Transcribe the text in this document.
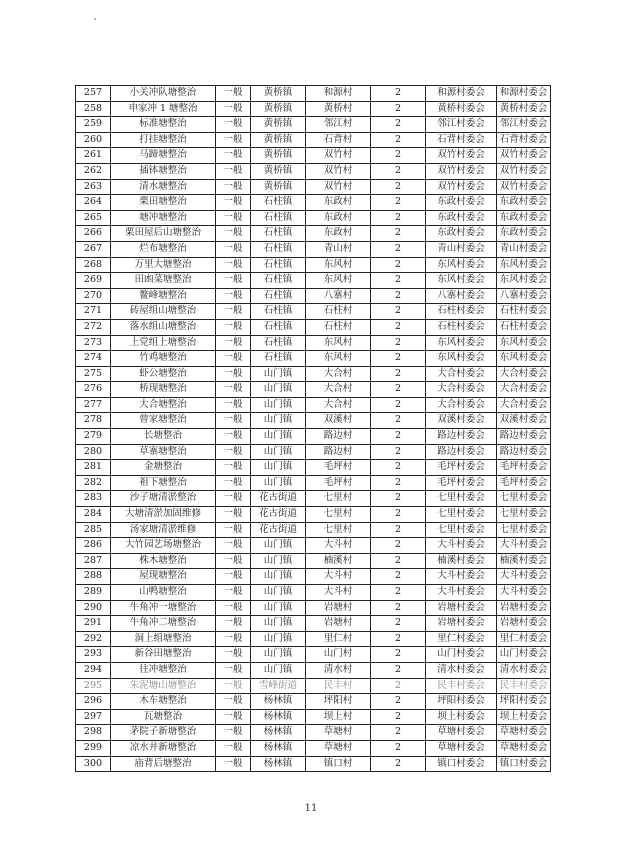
257	小关冲队塘整治	一般	黄桥镇	和源村	2	和源村委会	和源村委会
258	申家冲 1 塘整治	一般	黄桥镇	黄桥村	2	黄桥村委会	黄桥村委会
259	标准塘整治	一般	黄桥镇	邻江村	2	邻江村委会	邻江村委会
260	打挂塘整治	一般	黄桥镇	石背村	2	石背村委会	石背村委会
261	马蹄塘整治	一般	黄桥镇	双竹村	2	双竹村委会	双竹村委会
262	插钵塘整治	一般	黄桥镇	双竹村	2	双竹村委会	双竹村委会
263	清水塘整治	一般	黄桥镇	双竹村	2	双竹村委会	双竹村委会
264	栗田塘整治	一般	石柱镇	东政村	2	东政村委会	东政村委会
265	塘冲塘整治	一般	石柱镇	东政村	2	东政村委会	东政村委会
266	栗田屋后山塘整治	一般	石柱镇	东政村	2	东政村委会	东政村委会
267	烂布塘整治	一般	石柱镇	青山村	2	青山村委会	青山村委会
268	万里大塘整治	一般	石柱镇	东风村	2	东风村委会	东风村委会
269	田凼菜塘整治	一般	石柱镇	东风村	2	东风村委会	东风村委会
270	鳌峰塘整治	一般	石柱镇	八寨村	2	八寨村委会	八寨村委会
271	砖屋组山塘整治	一般	石柱镇	石柱村	2	石柱村委会	石柱村委会
272	落水组山塘整治	一般	石柱镇	石柱村	2	石柱村委会	石柱村委会
273	上党组上塘整治	一般	石柱镇	东风村	2	东风村委会	东风村委会
274	竹鸡塘整治	一般	石柱镇	东风村	2	东风村委会	东风村委会
275	虾公塘整治	一般	山门镇	大合村	2	大合村委会	大合村委会
276	桥现塘整治	一般	山门镇	大合村	2	大合村委会	大合村委会
277	大合塘整治	一般	山门镇	大合村	2	大合村委会	大合村委会
278	曾家塘整治	一般	山门镇	双溪村	2	双溪村委会	双溪村委会
279	长塘整治	一般	山门镇	路边村	2	路边村委会	路边村委会
280	草寨塘整治	一般	山门镇	路边村	2	路边村委会	路边村委会
281	金塘整治	一般	山门镇	毛坪村	2	毛坪村委会	毛坪村委会
282	祖下塘整治	一般	山门镇	毛坪村	2	毛坪村委会	毛坪村委会
283	沙子塘清淤整治	一般	花古街道	七里村	2	七里村委会	七里村委会
284	大塘清淤加固维修	一般	花古街道	七里村	2	七里村委会	七里村委会
285	汤家塘清淤维修	一般	花古街道	七里村	2	七里村委会	七里村委会
286	大竹园艺场塘整治	一般	山门镇	大斗村	2	大斗村委会	大斗村委会
287	株木塘整治	一般	山门镇	楠溪村	2	楠溪村委会	楠溪村委会
288	屋现塘整治	一般	山门镇	大斗村	2	大斗村委会	大斗村委会
289	山鸭塘整治	一般	山门镇	大斗村	2	大斗村委会	大斗村委会
290	牛角冲一塘整治	一般	山门镇	岩塘村	2	岩塘村委会	岩塘村委会
291	牛角冲二塘整治	一般	山门镇	岩塘村	2	岩塘村委会	岩塘村委会
292	洞上组塘整治	一般	山门镇	里仁村	2	里仁村委会	里仁村委会
293	新谷田塘整治	一般	山门镇	山门村	2	山门村委会	山门村委会
294	往冲塘整治	一般	山门镇	清水村	2	清水村委会	清水村委会
295	朱泥塘山塘整治	一般	雪峰街道	民丰村	2	民丰村委会	民丰村委会
296	木车塘整治	一般	杨林镇	坪阳村	2	坪阳村委会	坪阳村委会
297	瓦塘整治	一般	杨林镇	坝上村	2	坝上村委会	坝上村委会
298	茅院子新塘整治	一般	杨林镇	草塘村	2	草塘村委会	草塘村委会
299	凉水井新塘整治	一般	杨林镇	草塘村	2	草塘村委会	草塘村委会
300	庙背后塘整治	一般	杨林镇	镇口村	2	镇口村委会	镇口村委会
11
